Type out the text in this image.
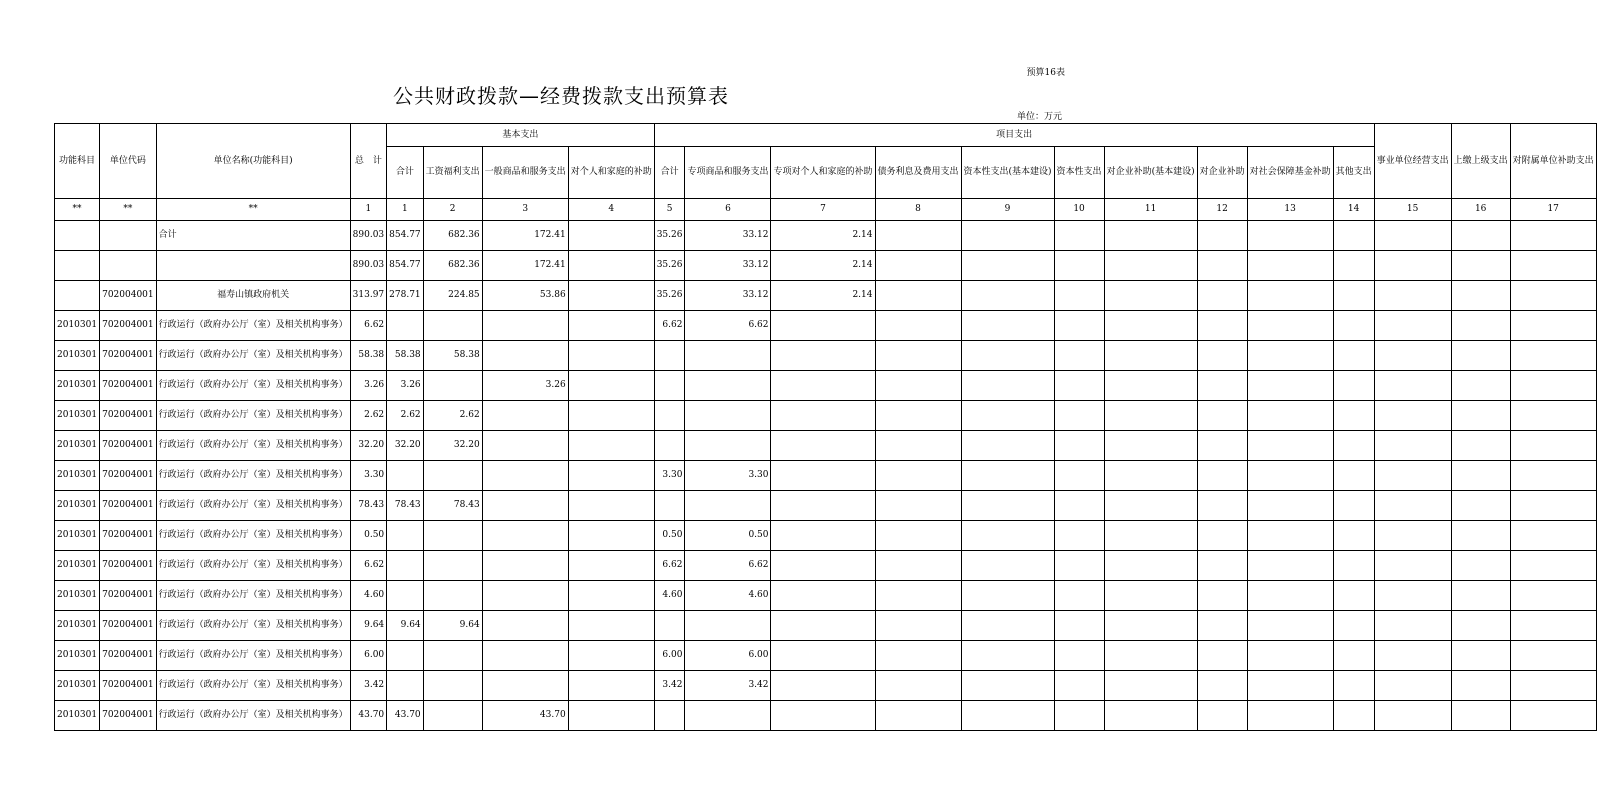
预算16表
公共财政拨款—经费拨款支出预算表
单位：万元
功能科目	单位代码	单位名称(功能科目)	总　计	基本支出				项目支出										事业单位经营支出	上缴上级支出	对附属单位补助支出
				合计	工资福利支出	一般商品和服务支出	对个人和家庭的补助	合计	专项商品和服务支出	专项对个人和家庭的补助	债务利息及费用支出	资本性支出(基本建设)	资本性支出	对企业补助(基本建设)	对企业补助	对社会保障基金补助	其他支出			
**	**	**	1	1	2	3	4	5	6	7	8	9	10	11	12	13	14	15	16	17
		合计	890.03	854.77	682.36	172.41		35.26	33.12	2.14										
			890.03	854.77	682.36	172.41		35.26	33.12	2.14										
	702004001	福寿山镇政府机关	313.97	278.71	224.85	53.86		35.26	33.12	2.14										
2010301	702004001	行政运行（政府办公厅（室）及相关机构事务）	6.62					6.62	6.62											
2010301	702004001	行政运行（政府办公厅（室）及相关机构事务）	58.38	58.38	58.38															
2010301	702004001	行政运行（政府办公厅（室）及相关机构事务）	3.26	3.26		3.26														
2010301	702004001	行政运行（政府办公厅（室）及相关机构事务）	2.62	2.62	2.62															
2010301	702004001	行政运行（政府办公厅（室）及相关机构事务）	32.20	32.20	32.20															
2010301	702004001	行政运行（政府办公厅（室）及相关机构事务）	3.30					3.30	3.30											
2010301	702004001	行政运行（政府办公厅（室）及相关机构事务）	78.43	78.43	78.43															
2010301	702004001	行政运行（政府办公厅（室）及相关机构事务）	0.50					0.50	0.50											
2010301	702004001	行政运行（政府办公厅（室）及相关机构事务）	6.62					6.62	6.62											
2010301	702004001	行政运行（政府办公厅（室）及相关机构事务）	4.60					4.60	4.60											
2010301	702004001	行政运行（政府办公厅（室）及相关机构事务）	9.64	9.64	9.64															
2010301	702004001	行政运行（政府办公厅（室）及相关机构事务）	6.00					6.00	6.00											
2010301	702004001	行政运行（政府办公厅（室）及相关机构事务）	3.42					3.42	3.42											
2010301	702004001	行政运行（政府办公厅（室）及相关机构事务）	43.70	43.70		43.70														
